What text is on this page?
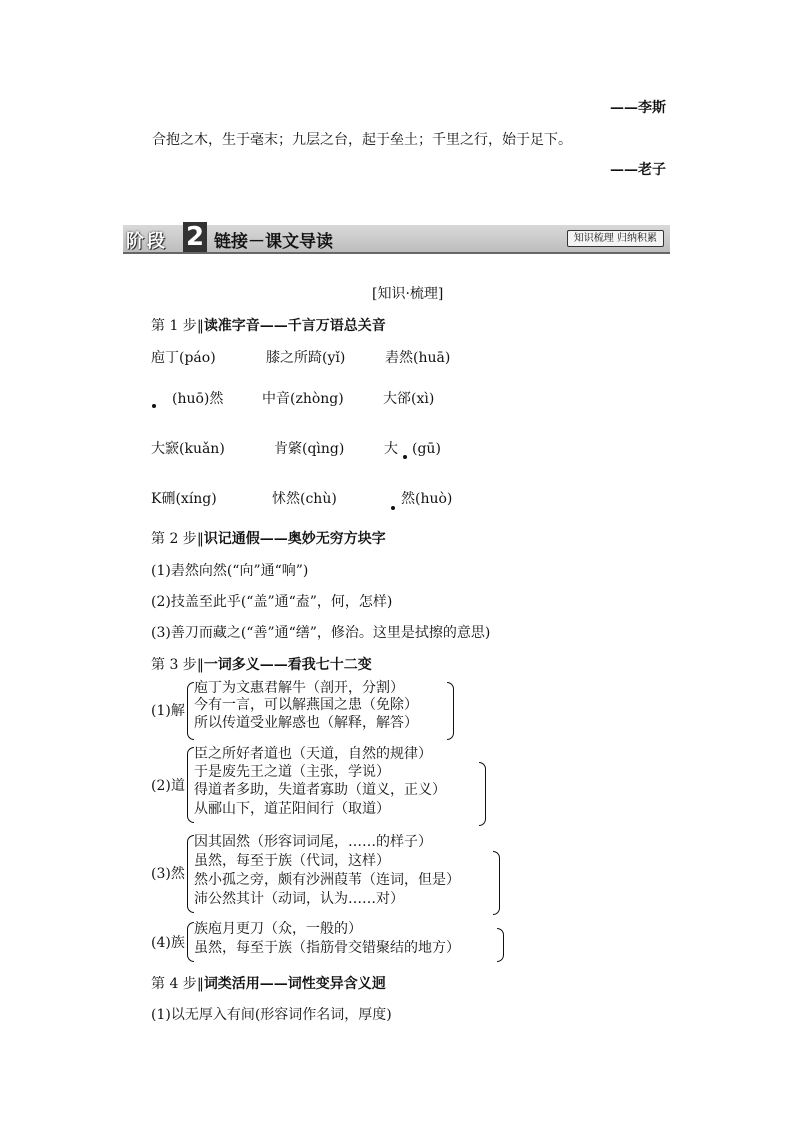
——李斯
合抱之木，生于毫末；九层之台，起于垒土；千里之行，始于足下。
——老子
阶段 2 链接－课文导读	知识梳理 归纳积累
[知识·梳理]
第 1 步‖读准字音——千言万语总关音
庖丁(páo)	膝之所踦(yǐ)	砉然(huā)
(huō)然	中音(zhòng)	大郤(xì)
大窾(kuǎn)	肯綮(qìng)	大 (gū)
K硎(xíng)	怵然(chù)	然(huò)
第 2 步‖识记通假——奥妙无穷方块字
(1)砉然向然(“向”通“响”)
(2)技盖至此乎(“盖”通“盍”，何，怎样)
(3)善刀而藏之(“善”通“缮”，修治。这里是拭擦的意思)
第 3 步‖一词多义——看我七十二变
(1)解
庖丁为文惠君解牛（剖开，分割）
今有一言，可以解燕国之患（免除）
所以传道受业解惑也（解释，解答）
(2)道
臣之所好者道也（天道，自然的规律）
于是废先王之道（主张，学说）
得道者多助，失道者寡助（道义，正义）
从郦山下，道芷阳间行（取道）
(3)然
因其固然（形容词词尾，……的样子）
虽然，每至于族（代词，这样）
然小孤之旁，颇有沙洲葭苇（连词，但是）
沛公然其计（动词，认为……对）
(4)族
族庖月更刀（众，一般的）
虽然，每至于族（指筋骨交错聚结的地方）
第 4 步‖词类活用——词性变异含义迥
(1)以无厚入有间(形容词作名词，厚度)
